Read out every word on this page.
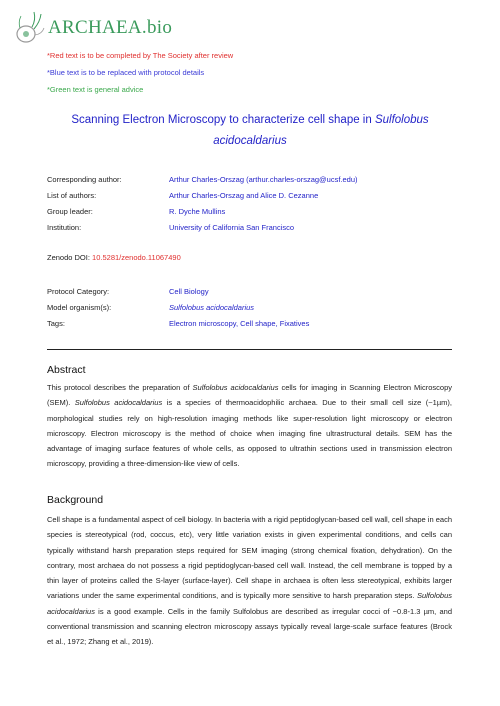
ARCHAEA.bio
*Red text is to be completed by The Society after review
*Blue text is to be replaced with protocol details
*Green text is general advice
Scanning Electron Microscopy to characterize cell shape in Sulfolobus
acidocaldarius
Corresponding author:	Arthur Charles-Orszag (arthur.charles-orszag@ucsf.edu)
List of authors:	Arthur Charles-Orszag and Alice D. Cezanne
Group leader:	R. Dyche Mullins
Institution:	University of California San Francisco
Zenodo DOI: 10.5281/zenodo.11067490
Protocol Category:	Cell Biology
Model organism(s):	Sulfolobus acidocaldarius
Tags:	Electron microscopy, Cell shape, Fixatives
Abstract
This protocol describes the preparation of Sulfolobus acidocaldarius cells for imaging in Scanning Electron Microscopy (SEM). Sulfolobus acidocaldarius is a species of thermoacidophilic archaea. Due to their small cell size (~1µm), morphological studies rely on high-resolution imaging methods like super-resolution light microscopy or electron microscopy. Electron microscopy is the method of choice when imaging fine ultrastructural details. SEM has the advantage of imaging surface features of whole cells, as opposed to ultrathin sections used in transmission electron microscopy, providing a three-dimension-like view of cells.
Background
Cell shape is a fundamental aspect of cell biology. In bacteria with a rigid peptidoglycan-based cell wall, cell shape in each species is stereotypical (rod, coccus, etc), very little variation exists in given experimental conditions, and cells can typically withstand harsh preparation steps required for SEM imaging (strong chemical fixation, dehydration). On the contrary, most archaea do not possess a rigid peptidoglycan-based cell wall. Instead, the cell membrane is topped by a thin layer of proteins called the S-layer (surface-layer). Cell shape in archaea is often less stereotypical, exhibits larger variations under the same experimental conditions, and is typically more sensitive to harsh preparation steps. Sulfolobus acidocaldarius is a good example. Cells in the family Sulfolobus are described as irregular cocci of ~0.8-1.3 µm, and conventional transmission and scanning electron microscopy assays typically reveal large-scale surface features (Brock et al., 1972; Zhang et al., 2019).
